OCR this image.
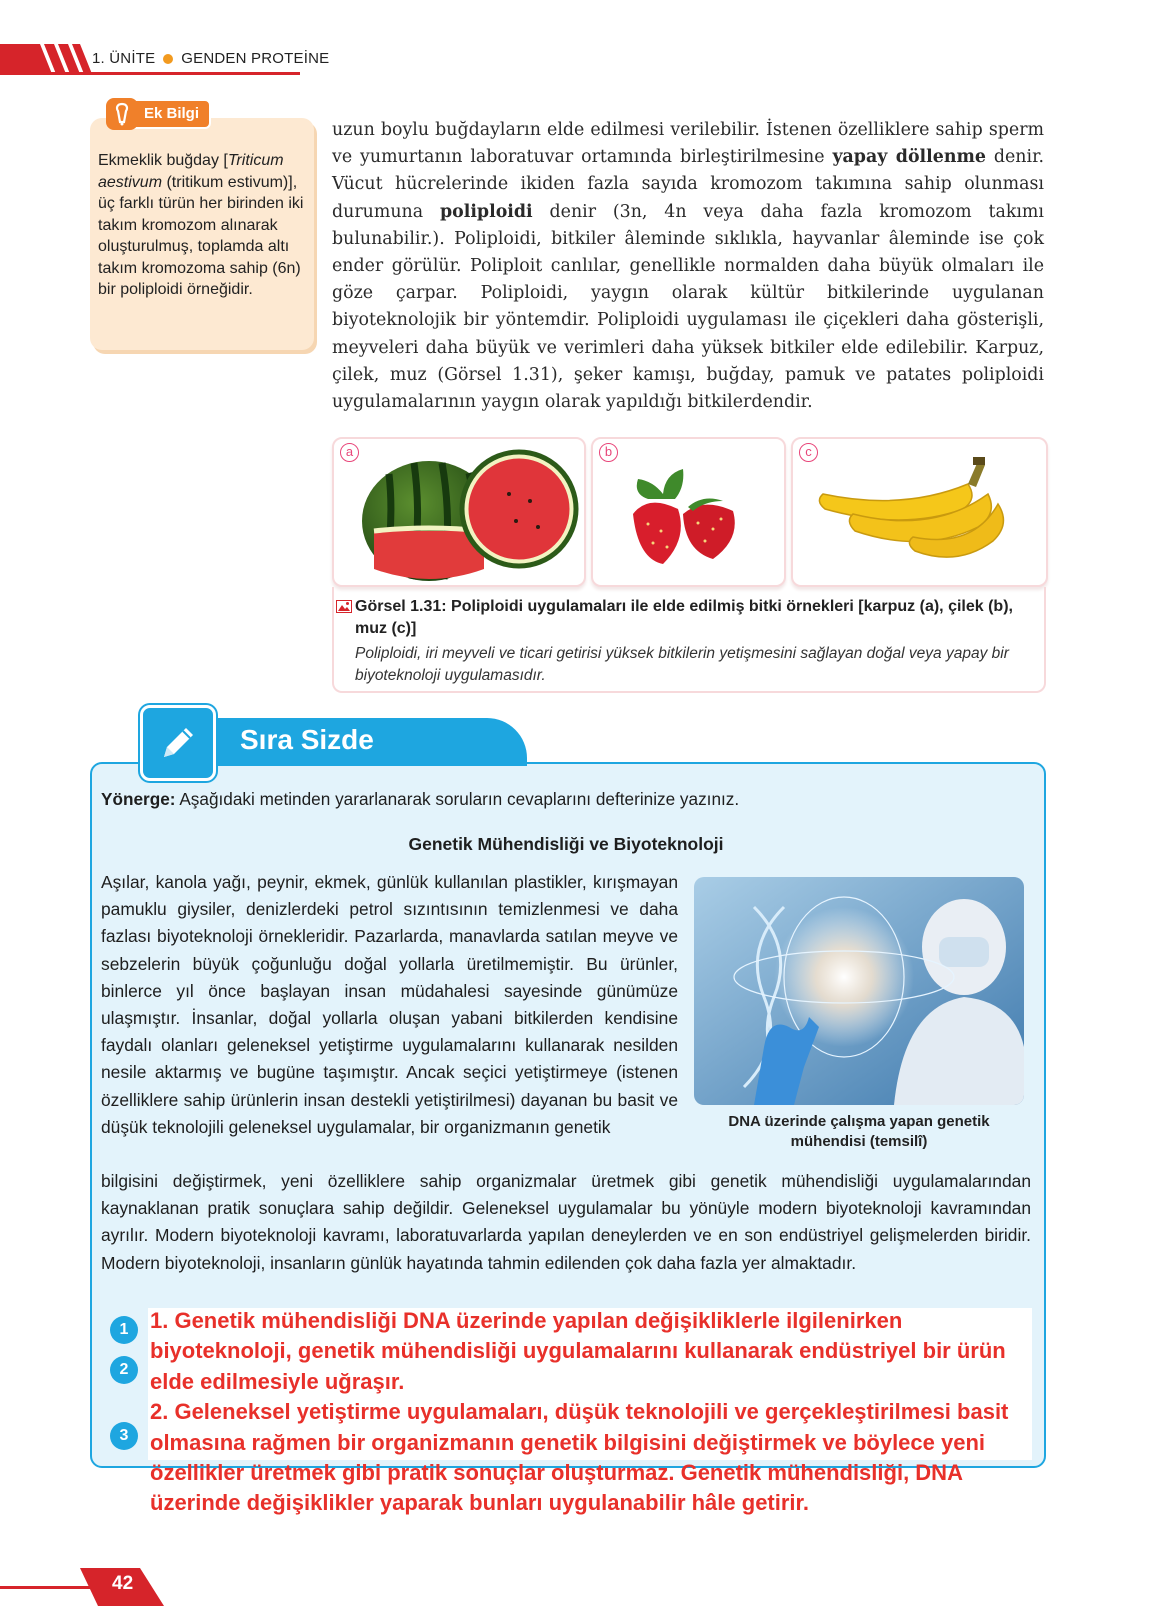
1. ÜNİTE GENDEN PROTEİNE
Ek Bilgi
Ekmeklik buğday [Triticum aestivum (tritikum estivum)], üç farklı türün her birinden iki takım kromozom alınarak oluşturulmuş, toplamda altı takım kromozoma sahip (6n) bir poliploidi örneğidir.
uzun boylu buğdayların elde edilmesi verilebilir. İstenen özelliklere sahip sperm ve yumurtanın laboratuvar ortamında birleştirilmesine yapay döllenme denir. Vücut hücrelerinde ikiden fazla sayıda kromozom takımına sahip olunması durumuna poliploidi denir (3n, 4n veya daha fazla kromozom takımı bulunabilir.). Poliploidi, bitkiler âleminde sıklıkla, hayvanlar âleminde ise çok ender görülür. Poliploit canlılar, genellikle normalden daha büyük olmaları ile göze çarpar. Poliploidi, yaygın olarak kültür bitkilerinde uygulanan biyoteknolojik bir yöntemdir. Poliploidi uygulaması ile çiçekleri daha gösterişli, meyveleri daha büyük ve verimleri daha yüksek bitkiler elde edilebilir. Karpuz, çilek, muz (Görsel 1.31), şeker kamışı, buğday, pamuk ve patates poliploidi uygulamalarının yaygın olarak yapıldığı bitkilerdendir.
a	b	c
Görsel 1.31: Poliploidi uygulamaları ile elde edilmiş bitki örnekleri [karpuz (a), çilek (b), muz (c)]
Poliploidi, iri meyveli ve ticari getirisi yüksek bitkilerin yetişmesini sağlayan doğal veya yapay bir biyoteknoloji uygulamasıdır.
Sıra Sizde
Yönerge: Aşağıdaki metinden yararlanarak soruların cevaplarını defterinize yazınız.
Genetik Mühendisliği ve Biyoteknoloji
Aşılar, kanola yağı, peynir, ekmek, günlük kullanılan plastikler, kırışmayan pamuklu giysiler, denizlerdeki petrol sızıntısının temizlenmesi ve daha fazlası biyoteknoloji örnekleridir. Pazarlarda, manavlarda satılan meyve ve sebzelerin büyük çoğunluğu doğal yollarla üretilmemiştir. Bu ürünler, binlerce yıl önce başlayan insan müdahalesi sayesinde günümüze ulaşmıştır. İnsanlar, doğal yollarla oluşan yabani bitkilerden kendisine faydalı olanları geleneksel yetiştirme uygulamalarını kullanarak nesilden nesile aktarmış ve bugüne taşımıştır. Ancak seçici yetiştirmeye (istenen özelliklere sahip ürünlerin insan destekli yetiştirilmesi) dayanan bu basit ve düşük teknolojili geleneksel uygulamalar, bir organizmanın genetik	DNA üzerinde çalışma yapan genetik mühendisi (temsilî)
bilgisini değiştirmek, yeni özelliklere sahip organizmalar üretmek gibi genetik mühendisliği uygulamalarından kaynaklanan pratik sonuçlara sahip değildir. Geleneksel uygulamalar bu yönüyle modern biyoteknoloji kavramından ayrılır. Modern biyoteknoloji kavramı, laboratuvarlarda yapılan deneylerden ve en son endüstriyel gelişmelerden biridir. Modern biyoteknoloji, insanların günlük hayatında tahmin edilenden çok daha fazla yer almaktadır.
1
2
3
1. Genetik mühendisliği DNA üzerinde yapılan değişikliklerle ilgilenirken biyoteknoloji, genetik mühendisliği uygulamalarını kullanarak endüstriyel bir ürün elde edilmesiyle uğraşır.
2. Geleneksel yetiştirme uygulamaları, düşük teknolojili ve gerçekleştirilmesi basit olmasına rağmen bir organizmanın genetik bilgisini değiştirmek ve böylece yeni özellikler üretmek gibi pratik sonuçlar oluşturmaz. Genetik mühendisliği, DNA üzerinde değişiklikler yaparak bunları uygulanabilir hâle getirir.
42
